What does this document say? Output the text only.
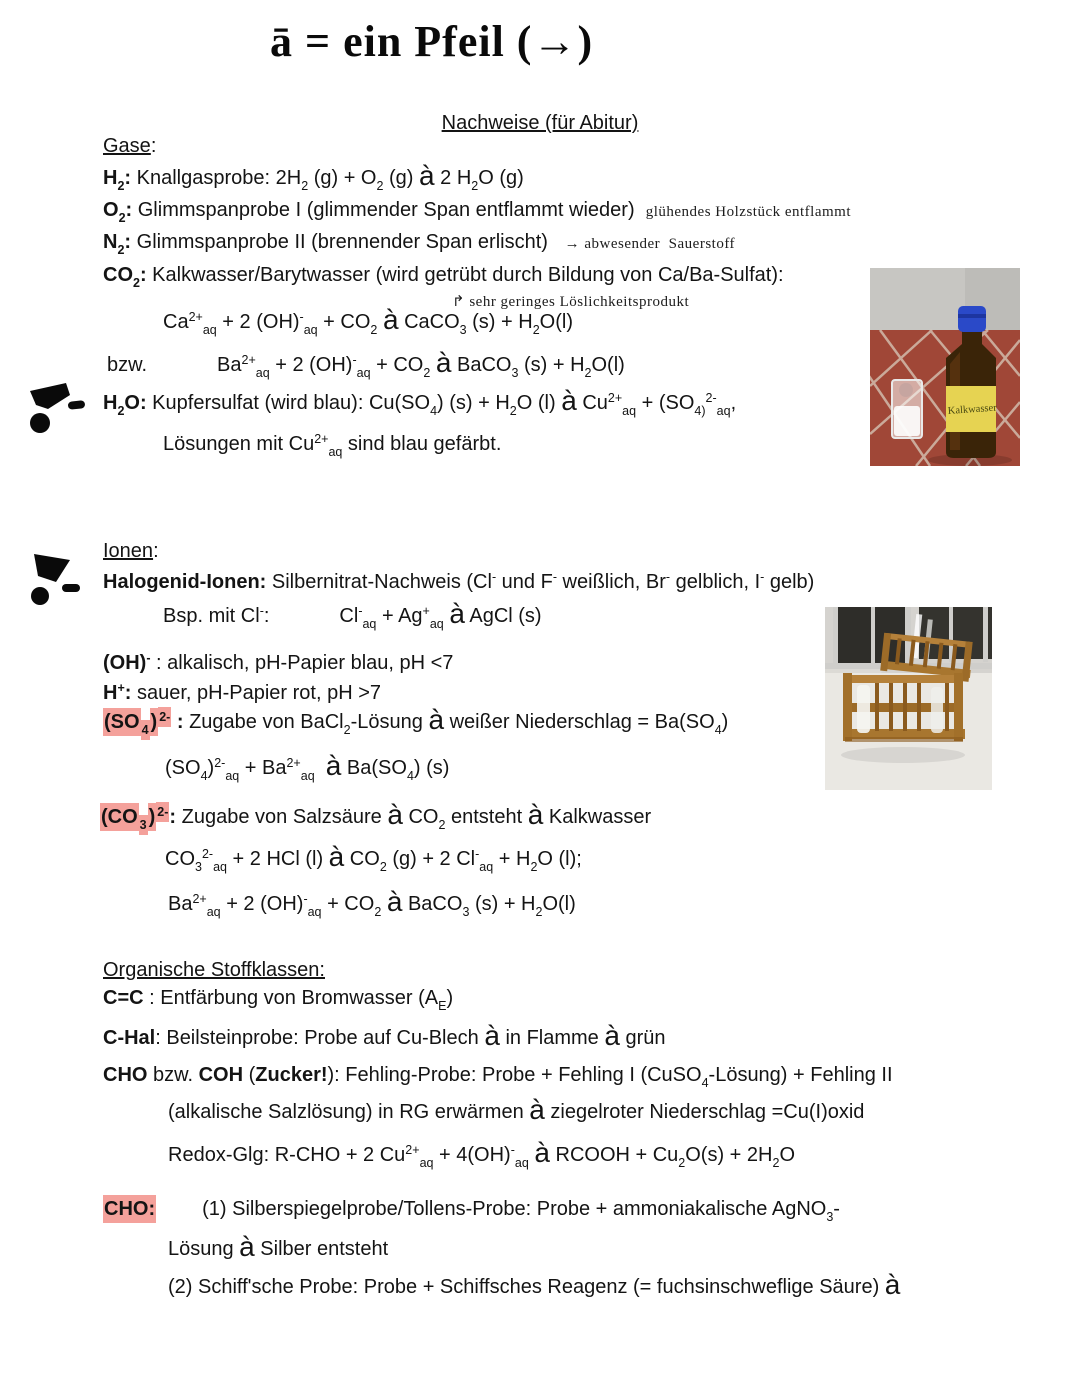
ā = ein Pfeil (→)
Nachweise (für Abitur)
Gase:
$H_2$: Knallgasprobe: $2H_2$ $(g) + O_2$ (g) à 2 $H_2O$ (g)
$O_2$: Glimmspanprobe I (glimmender Span entflammt wieder)  glühendes Holzstück entflammt
$N_2$: Glimmspanprobe II (brennender Span erlischt)   → abwesender  Sauerstoff
$CO_2$: Kalkwasser/Barytwasser (wird getrübt durch Bildung von Ca/Ba-Sulfat):
↱ sehr geringes Löslichkeitsprodukt
$Ca^{2+}_{aq} + 2$ $(OH)^-_{aq} + CO_2$ à CaCO$_3$ $(s) + H_2O(l)$
bzw.	$Ba^{2+}_{aq} + 2$ $(OH)^-_{aq} + CO_2$ à BaCO$_3$ $(s) + H_2O(l)$
$H_2O$: Kupfersulfat (wird blau): $Cu(SO_4) (s) + H_2O$ (l) à $Cu^{2+}_{aq} + (SO_{4)}^{2-}_{aq}$,
Lösungen mit $Cu^{2+}_{aq}$ sind blau gefärbt.
Ionen:
Halogenid-Ionen: Silbernitrat-Nachweis (Cl- und F- weißlich, Br- gelblich, I- gelb)
Bsp. mit Cl-:	$Cl^-_{aq} + Ag^+_{aq}$ à AgCl (s)
(OH)- : alkalisch, pH-Papier blau, pH <7
H+: sauer, pH-Papier rot, pH >7
(SO $_4$ ) $^{2-}$ : Zugabe von BaCl$_2$-Lösung à weißer Niederschlag = $Ba(SO_4)$
$(SO_4)^{2-}_{aq} + Ba^{2+}_{aq}$ à $Ba(SO_4)$ (s)
(CO $_3$ ) $^{2-}$: Zugabe von Salzsäure à $CO_2$ entsteht à Kalkwasser
$CO_3^{2-}_{aq} + 2$ HCl (l) à $CO_2$ (g) + 2 $Cl^-_{aq} + H_2O$ (l);
$Ba^{2+}_{aq} + 2$ $(OH)^-_{aq} + CO_2$ à BaCO$_3$ $(s) + H_2O(l)$
Organische Stoffklassen:
C=C : Entfärbung von Bromwasser $(A_E)$
C-Hal: Beilsteinprobe: Probe auf Cu-Blech à in Flamme à grün
CHO bzw. COH (Zucker!): Fehling-Probe: Probe + Fehling I (CuSO$_4$-Lösung) + Fehling II
(alkalische Salzlösung) in RG erwärmen à ziegelroter Niederschlag =Cu(I)oxid
Redox-Glg: R-CHO + 2 $Cu^{2+}_{aq} + 4(OH)^-_{aq}$ à RCOOH + $Cu_2O(s) + 2H_2O$
CHO: (1) Silberspiegelprobe/Tollens-Probe: Probe + ammoniakalische AgNO$_3$-
Lösung à Silber entsteht
(2) Schiff'sche Probe: Probe + Schiffsches Reagenz (= fuchsinschweflige Säure) à
Kalkwasser
